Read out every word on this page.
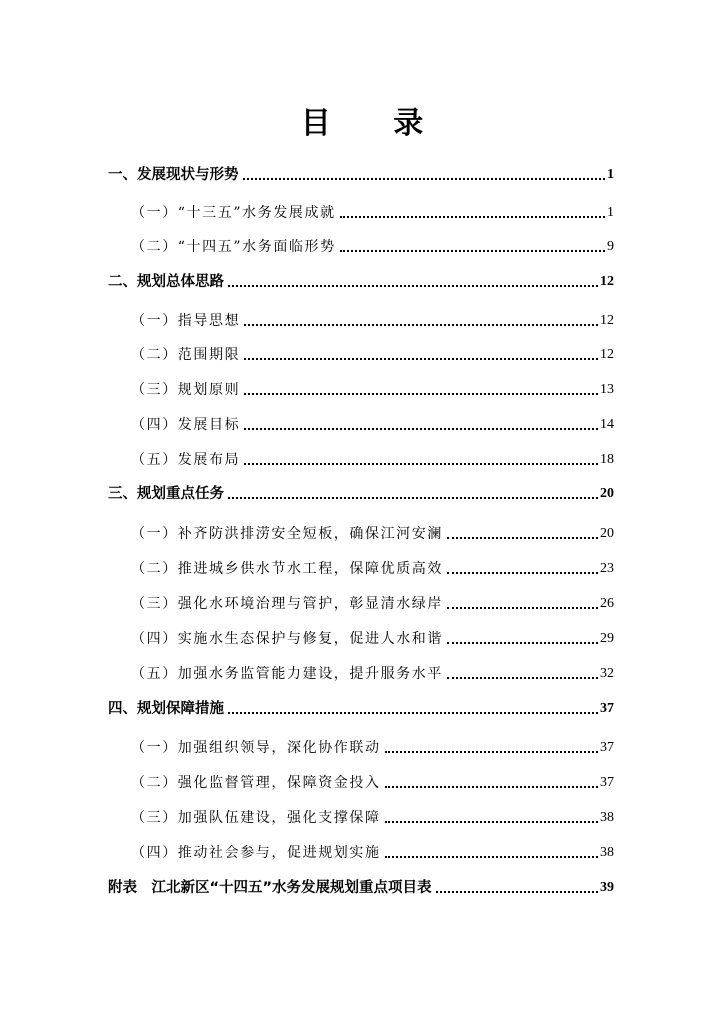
目 录
一、发展现状与形势	1
（一）“十三五”水务发展成就	1
（二）“十四五”水务面临形势	9
二、规划总体思路	12
（一）指导思想	12
（二）范围期限	12
（三）规划原则	13
（四）发展目标	14
（五）发展布局	18
三、规划重点任务	20
（一）补齐防洪排涝安全短板，确保江河安澜	20
（二）推进城乡供水节水工程，保障优质高效	23
（三）强化水环境治理与管护，彰显清水绿岸	26
（四）实施水生态保护与修复，促进人水和谐	29
（五）加强水务监管能力建设，提升服务水平	32
四、规划保障措施	37
（一）加强组织领导，深化协作联动	37
（二）强化监督管理，保障资金投入	37
（三）加强队伍建设，强化支撑保障	38
（四）推动社会参与，促进规划实施	38
附表　江北新区“十四五”水务发展规划重点项目表	39
